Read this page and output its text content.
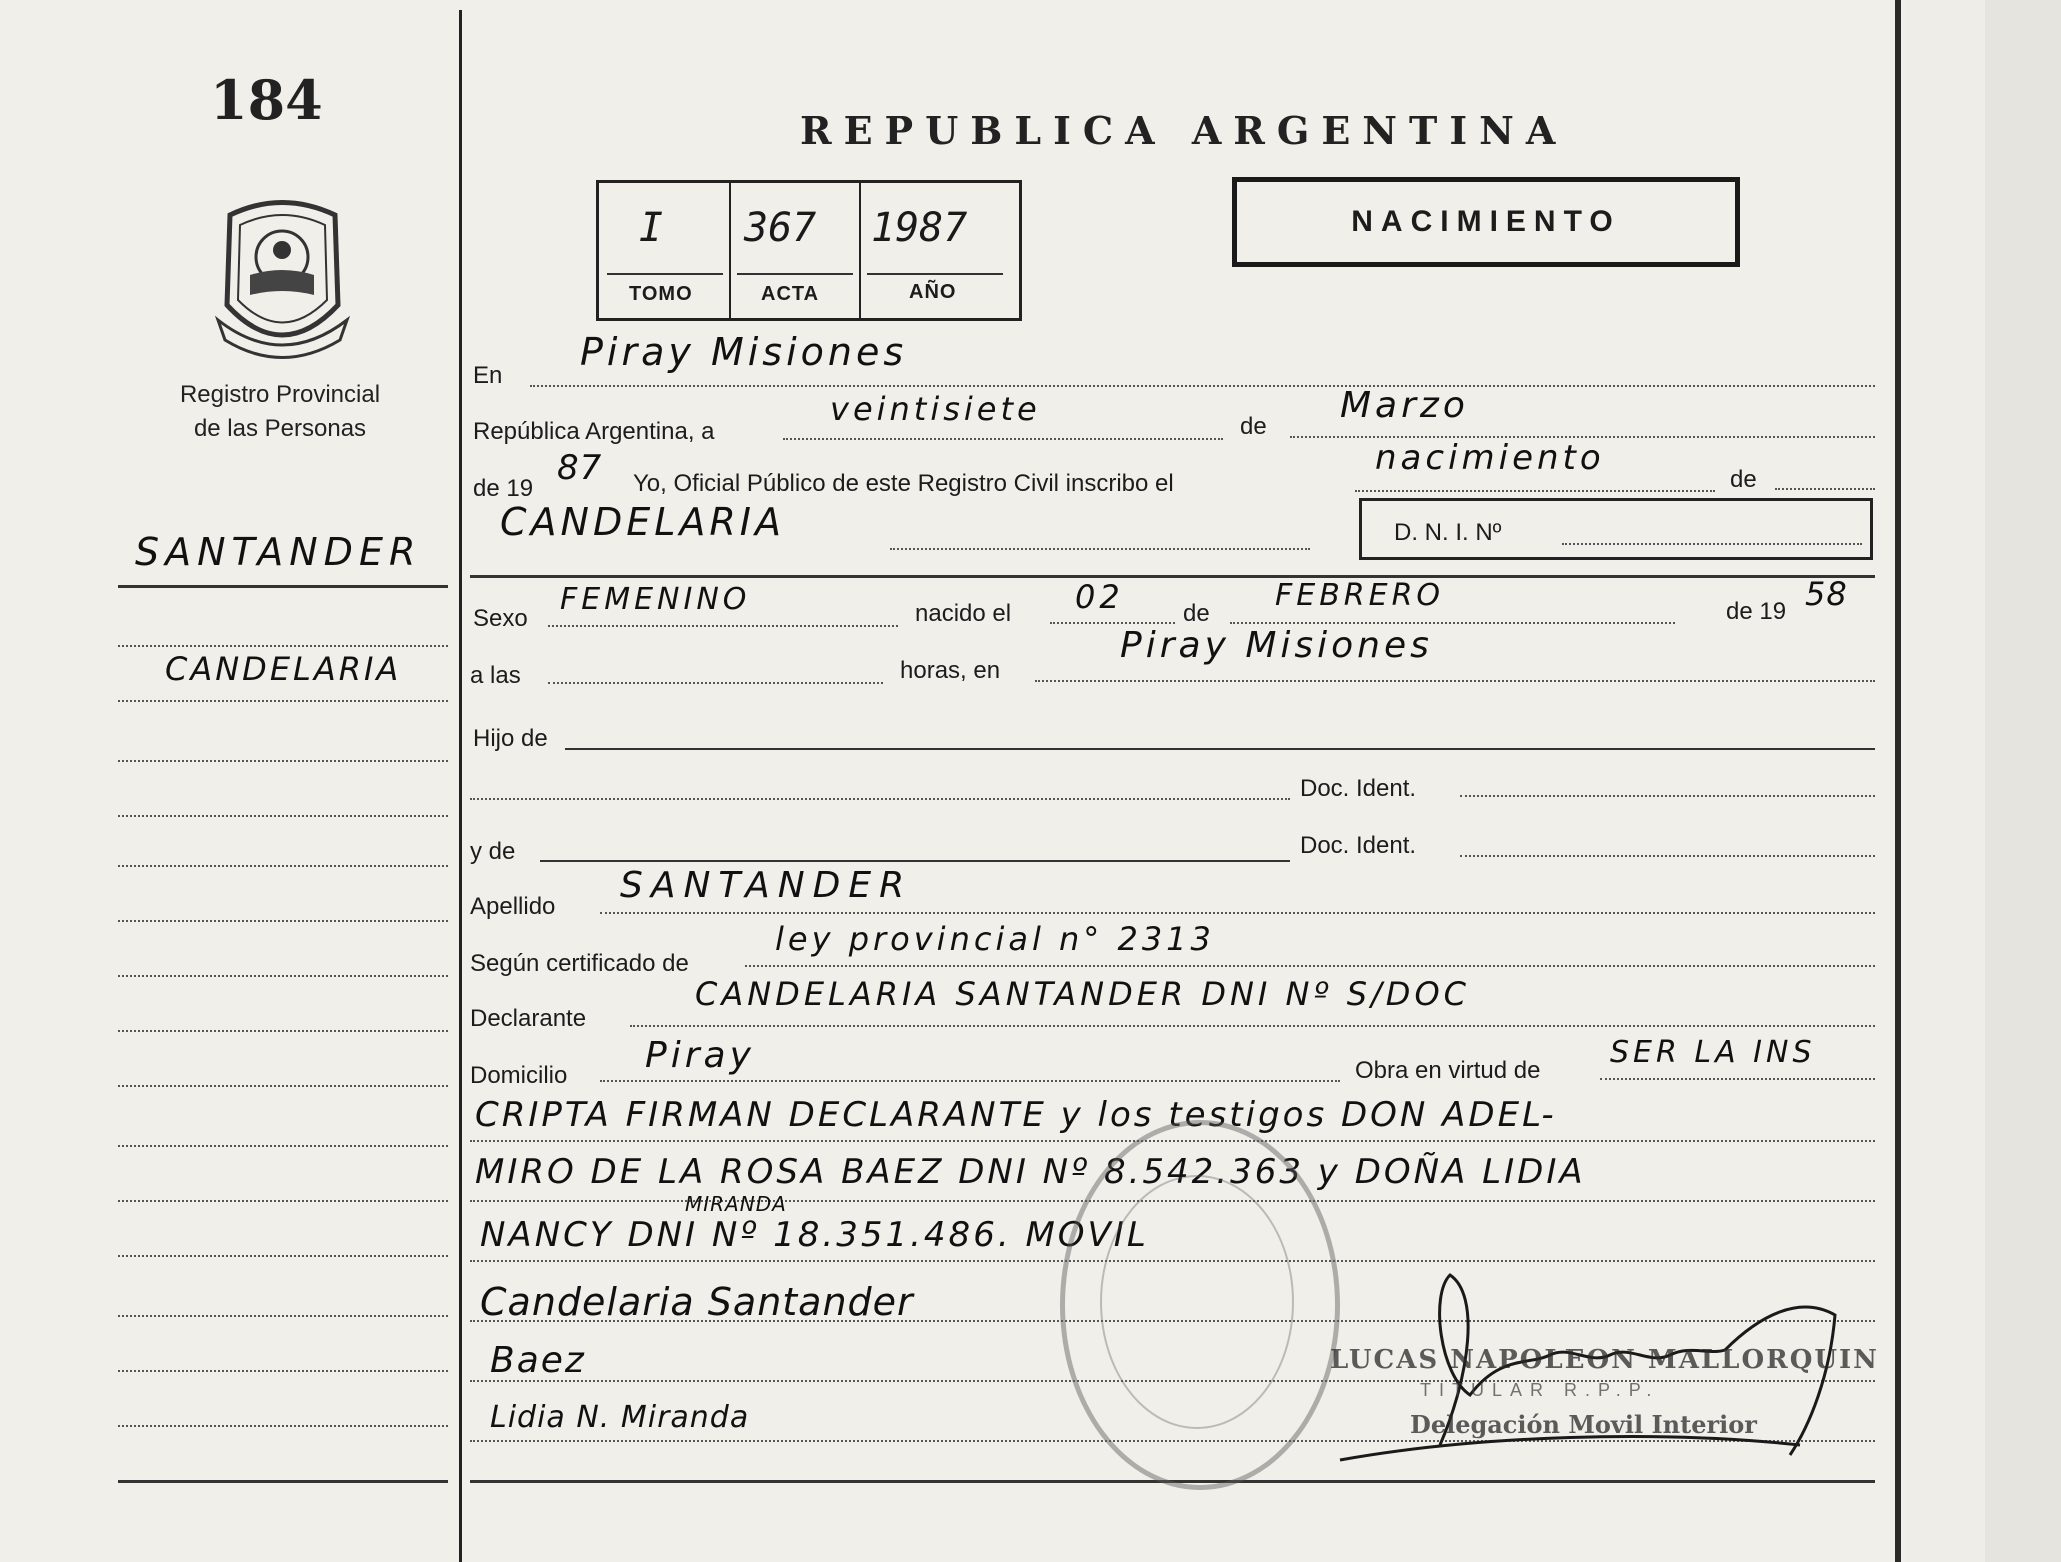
184
Registro Provincial
de las Personas
SANTANDER
CANDELARIA
REPUBLICA ARGENTINA
I
TOMO
367
ACTA
1987
AÑO
NACIMIENTO
En
Piray Misiones
República Argentina, a
veintisiete	de
Marzo
de 19
87 Yo, Oficial Público de este Registro Civil inscribo el
nacimiento
de
CANDELARIA	D. N. I. Nº
Sexo
FEMENINO	nacido el 02 de
FEBRERO	de 19 58
a las	horas, en
Piray Misiones
Hijo de
Doc. Ident.
y de	Doc. Ident.
Apellido
SANTANDER
Según certificado de
ley provincial n° 2313
Declarante
CANDELARIA SANTANDER DNI Nº S/DOC
Domicilio Piray	Obra en virtud de
SER LA INS
CRIPTA FIRMAN DECLARANTE y los testigos DON ADEL-
MIRO DE LA ROSA BAEZ DNI Nº 8.542.363 y DOÑA LIDIA
MIRANDA
NANCY DNI Nº 18.351.486. MOVIL
Candelaria Santander
Baez
Lidia N. Miranda
LUCAS NAPOLEON MALLORQUIN
TITULAR R.P.P.
Delegación Movil Interior
